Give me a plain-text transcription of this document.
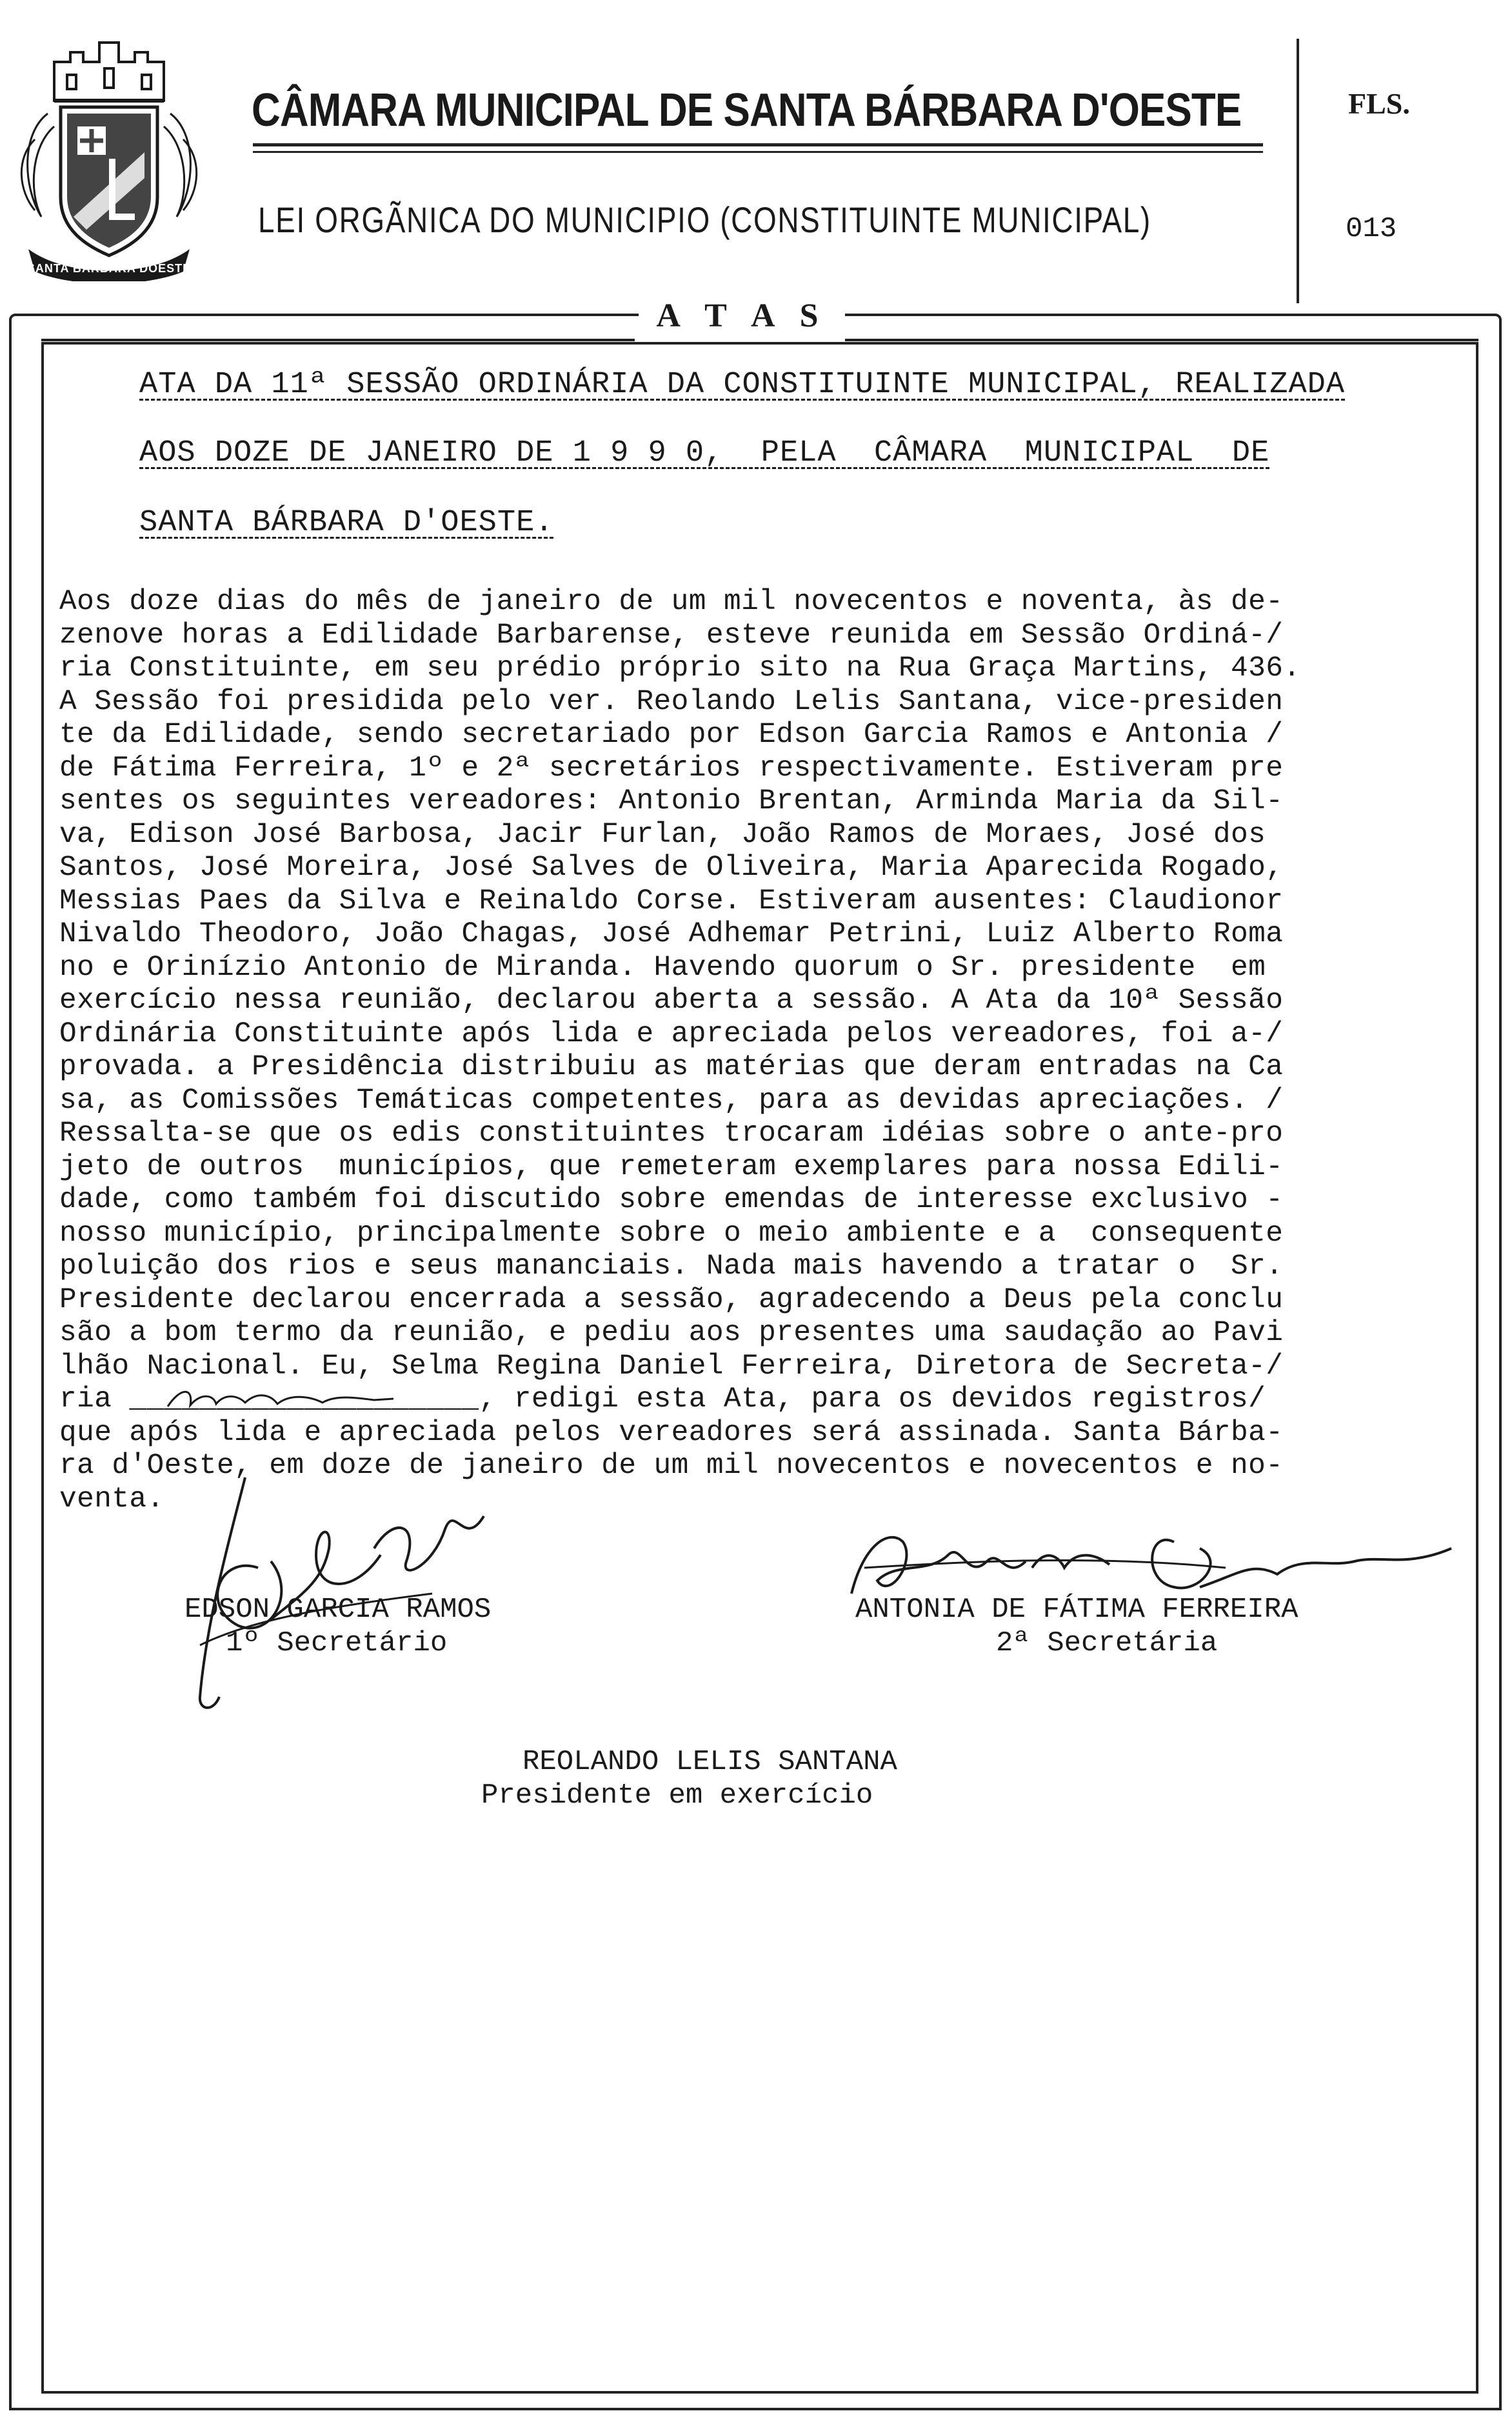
SANTA BARBARA DOESTE
CÂMARA MUNICIPAL DE SANTA BÁRBARA D'OESTE
LEI ORGÃNICA DO MUNICIPIO (CONSTITUINTE MUNICIPAL)
FLS.
013
A T A S
ATA DA 11ª SESSÃO ORDINÁRIA DA CONSTITUINTE MUNICIPAL, REALIZADA
AOS DOZE DE JANEIRO DE 1 9 9 0,  PELA  CÂMARA  MUNICIPAL  DE
SANTA BÁRBARA D'OESTE.
Aos doze dias do mês de janeiro de um mil novecentos e noventa, às de-
zenove horas a Edilidade Barbarense, esteve reunida em Sessão Ordiná-/
ria Constituinte, em seu prédio próprio sito na Rua Graça Martins, 436.
A Sessão foi presidida pelo ver. Reolando Lelis Santana, vice-presiden
te da Edilidade, sendo secretariado por Edson Garcia Ramos e Antonia /
de Fátima Ferreira, 1º e 2ª secretários respectivamente. Estiveram pre
sentes os seguintes vereadores: Antonio Brentan, Arminda Maria da Sil-
va, Edison José Barbosa, Jacir Furlan, João Ramos de Moraes, José dos
Santos, José Moreira, José Salves de Oliveira, Maria Aparecida Rogado,
Messias Paes da Silva e Reinaldo Corse. Estiveram ausentes: Claudionor
Nivaldo Theodoro, João Chagas, José Adhemar Petrini, Luiz Alberto Roma
no e Orinízio Antonio de Miranda. Havendo quorum o Sr. presidente  em
exercício nessa reunião, declarou aberta a sessão. A Ata da 10ª Sessão
Ordinária Constituinte após lida e apreciada pelos vereadores, foi a-/
provada. a Presidência distribuiu as matérias que deram entradas na Ca
sa, as Comissões Temáticas competentes, para as devidas apreciações. /
Ressalta-se que os edis constituintes trocaram idéias sobre o ante-pro
jeto de outros  municípios, que remeteram exemplares para nossa Edili-
dade, como também foi discutido sobre emendas de interesse exclusivo -
nosso município, principalmente sobre o meio ambiente e a  consequente
poluição dos rios e seus mananciais. Nada mais havendo a tratar o  Sr.
Presidente declarou encerrada a sessão, agradecendo a Deus pela conclu
são a bom termo da reunião, e pediu aos presentes uma saudação ao Pavi
lhão Nacional. Eu, Selma Regina Daniel Ferreira, Diretora de Secreta-/
ria ____________________, redigi esta Ata, para os devidos registros/
que após lida e apreciada pelos vereadores será assinada. Santa Bárba-
ra d'Oeste, em doze de janeiro de um mil novecentos e novecentos e no-
venta.
EDSON GARCIA RAMOS
1º Secretário
ANTONIA DE FÁTIMA FERREIRA
2ª Secretária
REOLANDO LELIS SANTANA
Presidente em exercício
